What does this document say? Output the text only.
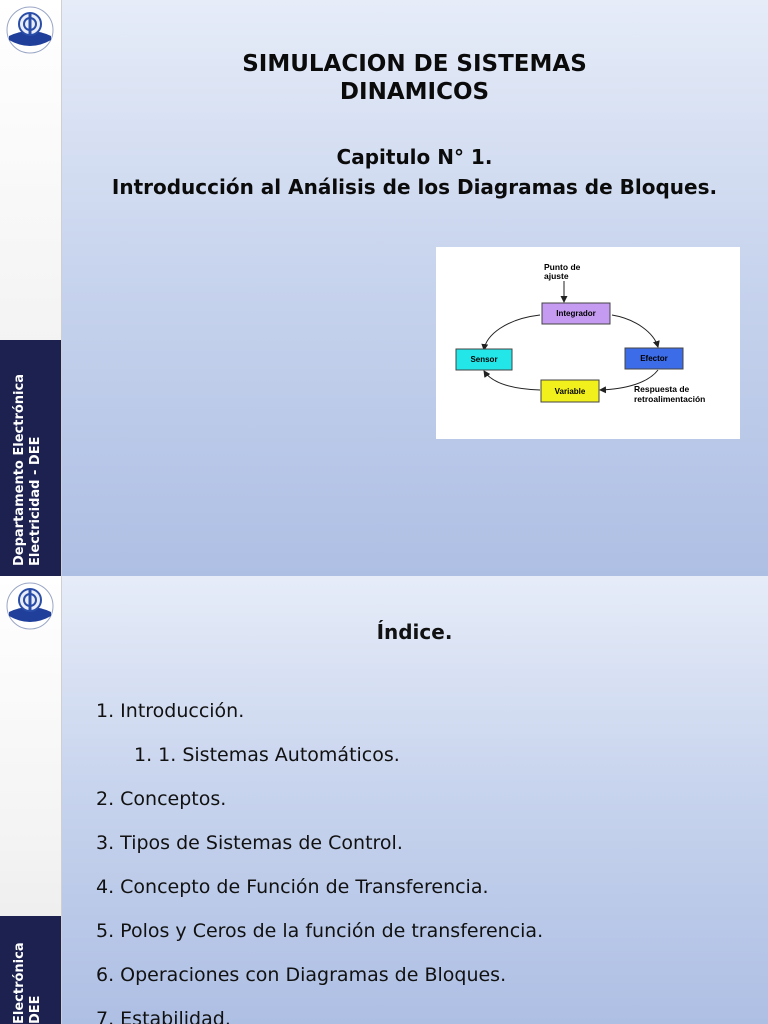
Departamento Electrónica Electricidad - DEE
SIMULACION DE SISTEMAS
DINAMICOS
Capitulo N° 1.
Introducción al Análisis de los Diagramas de Bloques.
Punto de
ajuste
Integrador
Efector
Sensor
Variable	Respuesta de
retroalimentación
Electrónica DEE
Índice.
1. Introducción.
1. 1. Sistemas Automáticos.
2. Conceptos.
3. Tipos de Sistemas de Control.
4. Concepto de Función de Transferencia.
5. Polos y Ceros de la función de transferencia.
6. Operaciones con Diagramas de Bloques.
7. Estabilidad.
